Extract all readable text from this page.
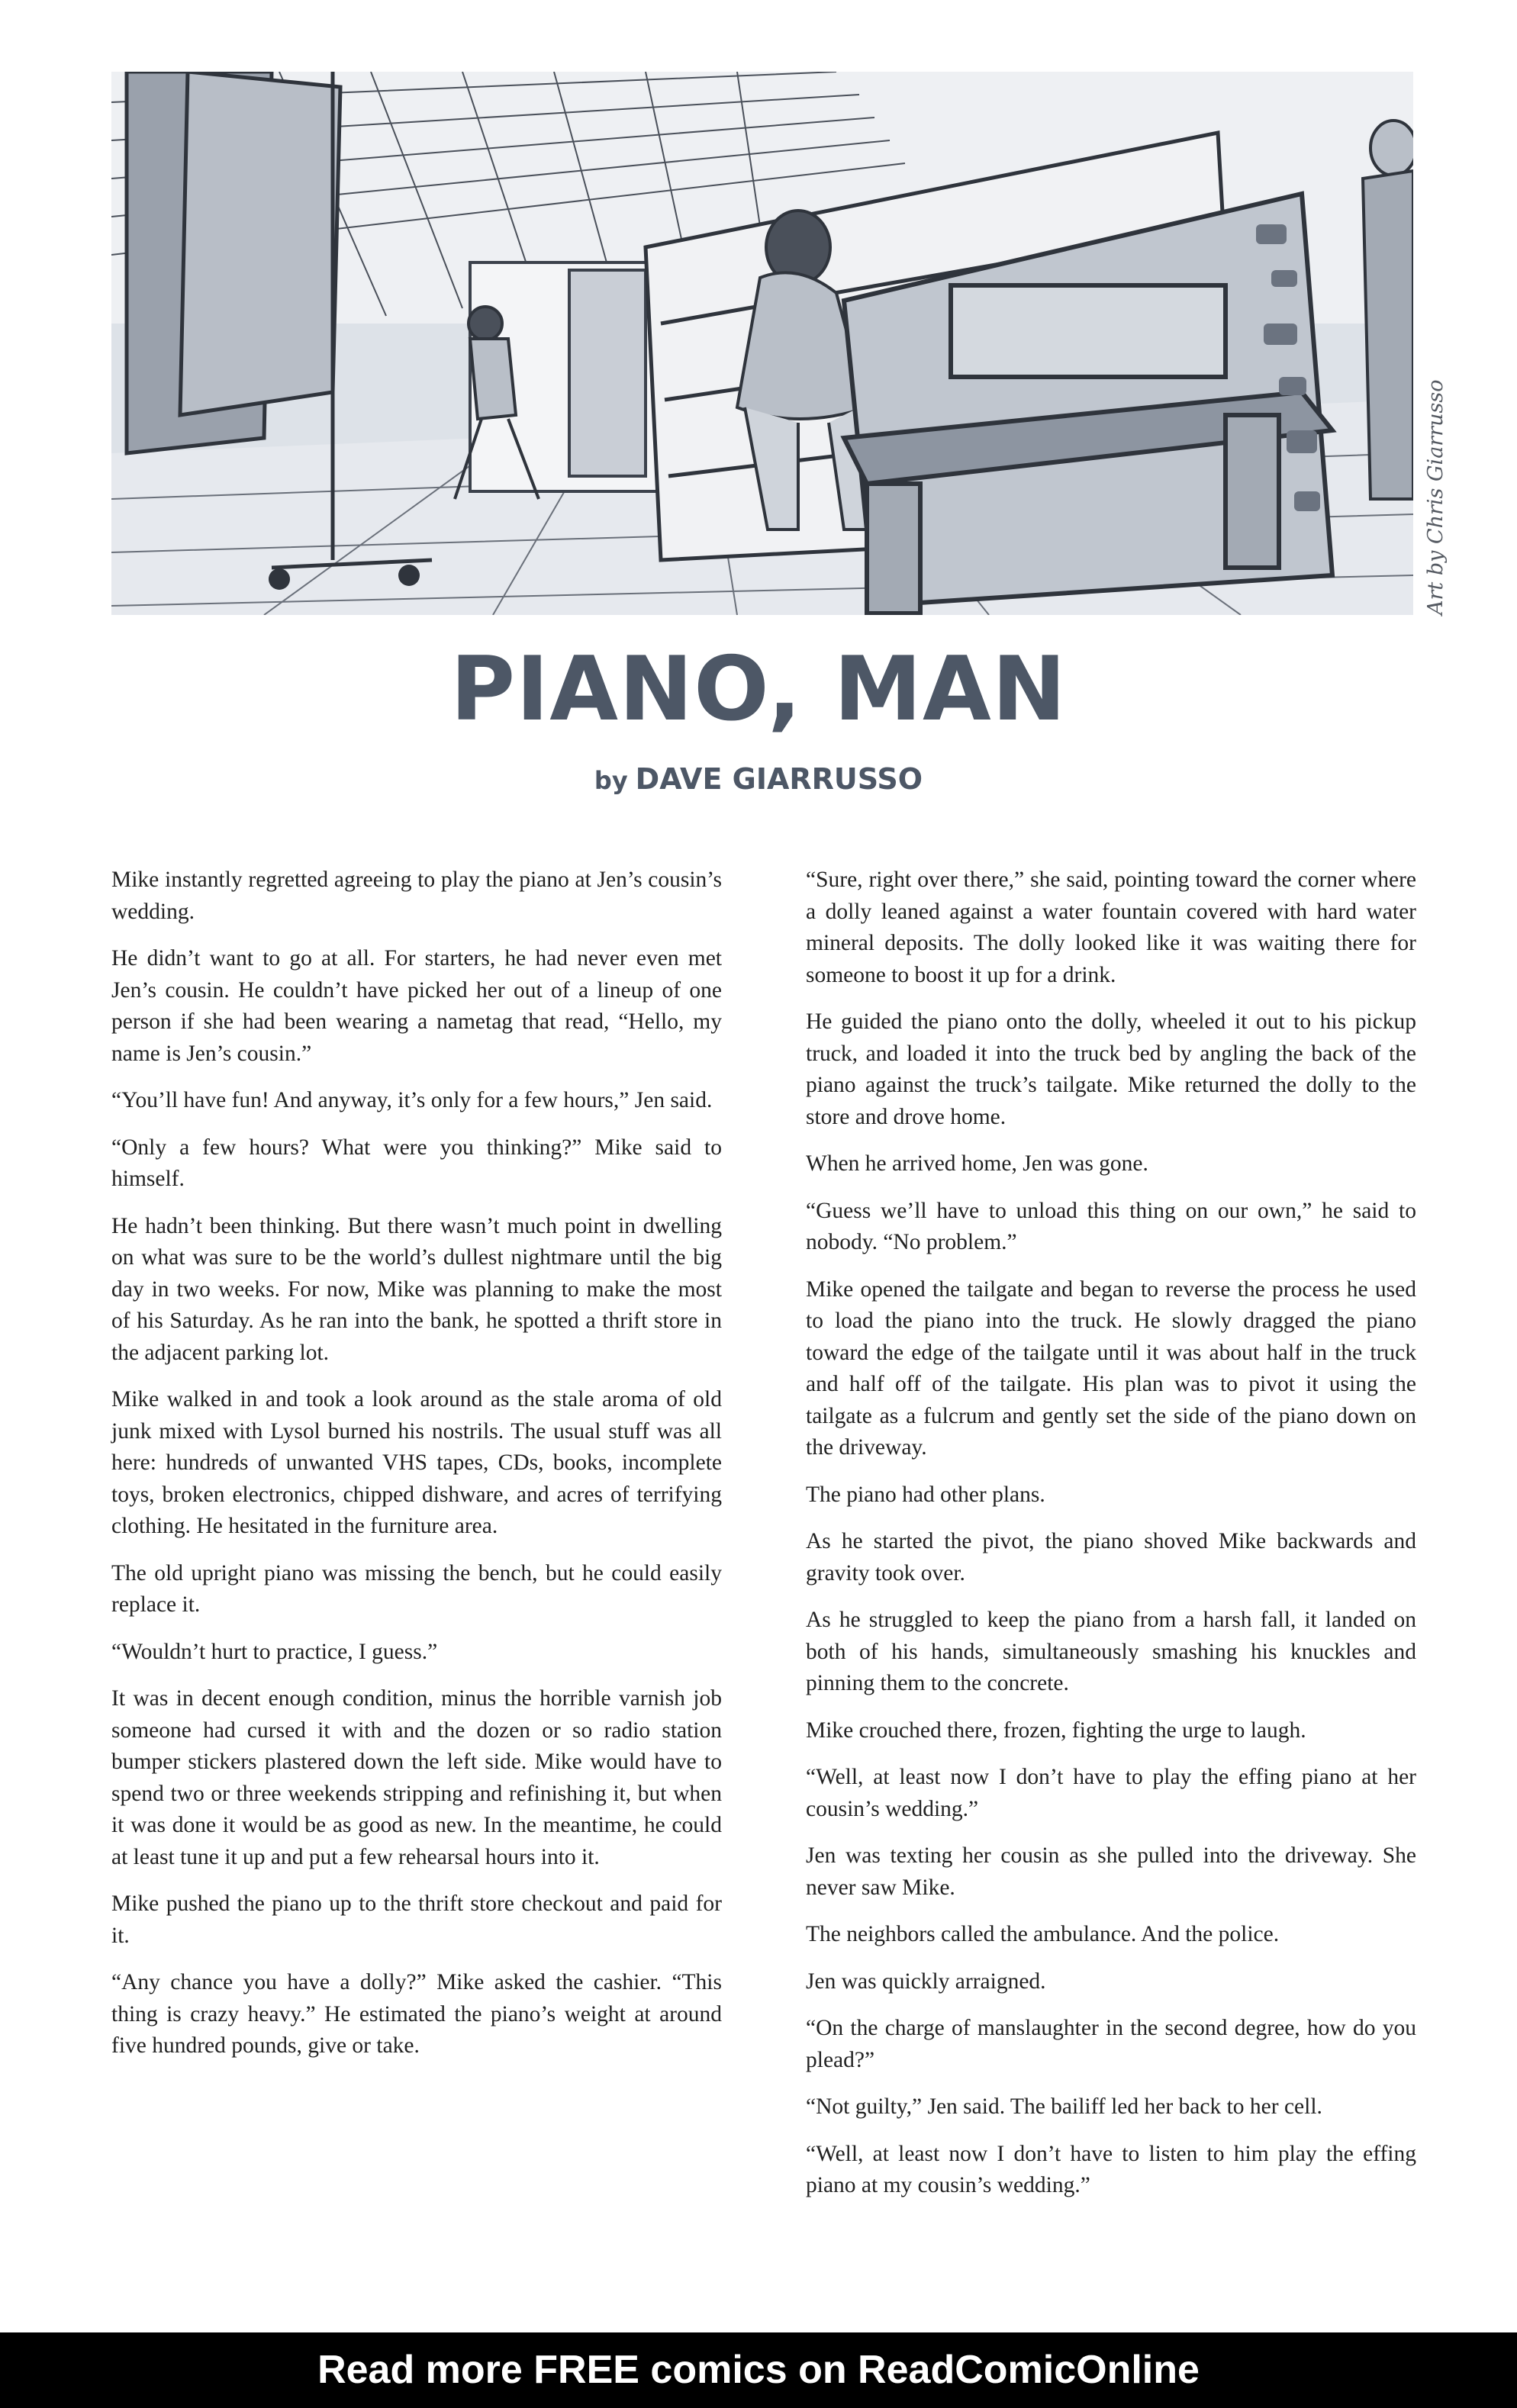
Art by Chris Giarrusso
PIANO, MAN
by DAVE GIARRUSSO

Mike instantly regretted agreeing to play the piano at Jen’s cousin’s wedding.

He didn’t want to go at all. For starters, he had never even met Jen’s cousin. He couldn’t have picked her out of a lineup of one person if she had been wearing a nametag that read, “Hello, my name is Jen’s cousin.”

“You’ll have fun! And anyway, it’s only for a few hours,” Jen said.

“Only a few hours? What were you thinking?” Mike said to himself.

He hadn’t been thinking. But there wasn’t much point in dwelling on what was sure to be the world’s dullest nightmare until the big day in two weeks. For now, Mike was planning to make the most of his Saturday. As he ran into the bank, he spotted a thrift store in the adjacent parking lot.

Mike walked in and took a look around as the stale aroma of old junk mixed with Lysol burned his nostrils. The usual stuff was all here: hundreds of unwanted VHS tapes, CDs, books, incomplete toys, broken electronics, chipped dishware, and acres of terrifying clothing. He hesitated in the furniture area.

The old upright piano was missing the bench, but he could easily replace it.

“Wouldn’t hurt to practice, I guess.”

It was in decent enough condition, minus the horrible varnish job someone had cursed it with and the dozen or so radio station bumper stickers plastered down the left side. Mike would have to spend two or three weekends stripping and refinishing it, but when it was done it would be as good as new. In the meantime, he could at least tune it up and put a few rehearsal hours into it.

Mike pushed the piano up to the thrift store checkout and paid for it.

“Any chance you have a dolly?” Mike asked the cashier. “This thing is crazy heavy.” He estimated the piano’s weight at around five hundred pounds, give or take.

“Sure, right over there,” she said, pointing toward the corner where a dolly leaned against a water fountain covered with hard water mineral deposits. The dolly looked like it was waiting there for someone to boost it up for a drink.

He guided the piano onto the dolly, wheeled it out to his pickup truck, and loaded it into the truck bed by angling the back of the piano against the truck’s tailgate. Mike returned the dolly to the store and drove home.

When he arrived home, Jen was gone.

“Guess we’ll have to unload this thing on our own,” he said to nobody. “No problem.”

Mike opened the tailgate and began to reverse the process he used to load the piano into the truck. He slowly dragged the piano toward the edge of the tailgate until it was about half in the truck and half off of the tailgate. His plan was to pivot it using the tailgate as a fulcrum and gently set the side of the piano down on the driveway.

The piano had other plans.

As he started the pivot, the piano shoved Mike backwards and gravity took over.

As he struggled to keep the piano from a harsh fall, it landed on both of his hands, simultaneously smashing his knuckles and pinning them to the concrete.

Mike crouched there, frozen, fighting the urge to laugh.

“Well, at least now I don’t have to play the effing piano at her cousin’s wedding.”

Jen was texting her cousin as she pulled into the driveway. She never saw Mike.

The neighbors called the ambulance. And the police.

Jen was quickly arraigned.

“On the charge of manslaughter in the second degree, how do you plead?”

“Not guilty,” Jen said. The bailiff led her back to her cell.

“Well, at least now I don’t have to listen to him play the effing piano at my cousin’s wedding.”

Read more FREE comics on ReadComicOnline
